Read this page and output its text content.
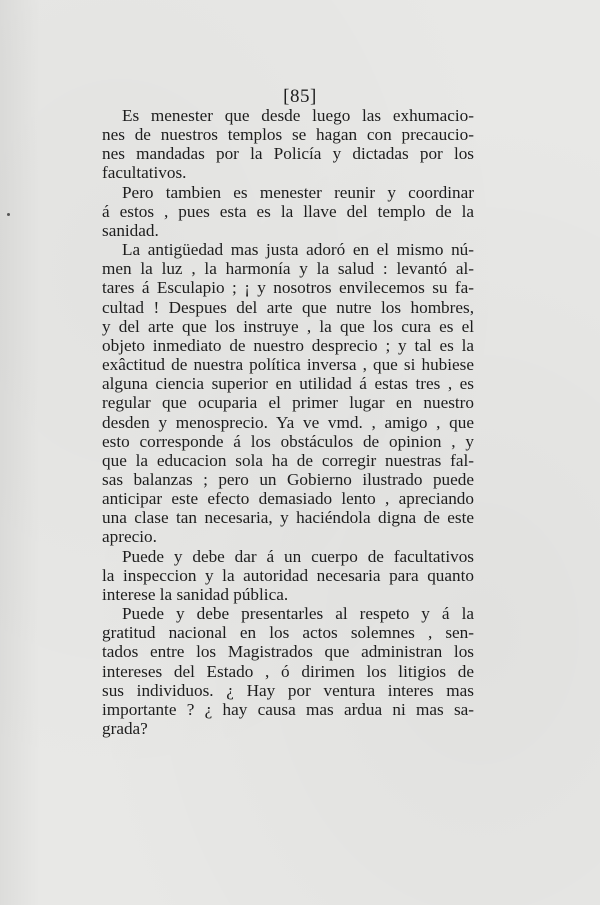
[85]
Es menester que desde luego las exhumacio-
nes de nuestros templos se hagan con precaucio-
nes mandadas por la Policía y dictadas por los
facultativos.
Pero tambien es menester reunir y coordinar
á estos , pues esta es la llave del templo de la
sanidad.
La antigüedad mas justa adoró en el mismo nú-
men la luz , la harmonía y la salud : levantó al-
tares á Esculapio ; ¡ y nosotros envilecemos su fa-
cultad ! Despues del arte que nutre los hombres,
y del arte que los instruye , la que los cura es el
objeto inmediato de nuestro desprecio ; y tal es la
exâctitud de nuestra política inversa , que si hubiese
alguna ciencia superior en utilidad á estas tres , es
regular que ocuparia el primer lugar en nuestro
desden y menosprecio. Ya ve vmd. , amigo , que
esto corresponde á los obstáculos de opinion , y
que la educacion sola ha de corregir nuestras fal-
sas balanzas ; pero un Gobierno ilustrado puede
anticipar este efecto demasiado lento , apreciando
una clase tan necesaria, y haciéndola digna de este
aprecio.
Puede y debe dar á un cuerpo de facultativos
la inspeccion y la autoridad necesaria para quanto
interese la sanidad pública.
Puede y debe presentarles al respeto y á la
gratitud nacional en los actos solemnes , sen-
tados entre los Magistrados que administran los
intereses del Estado , ó dirimen los litigios de
sus individuos. ¿ Hay por ventura interes mas
importante ? ¿ hay causa mas ardua ni mas sa-
grada?
